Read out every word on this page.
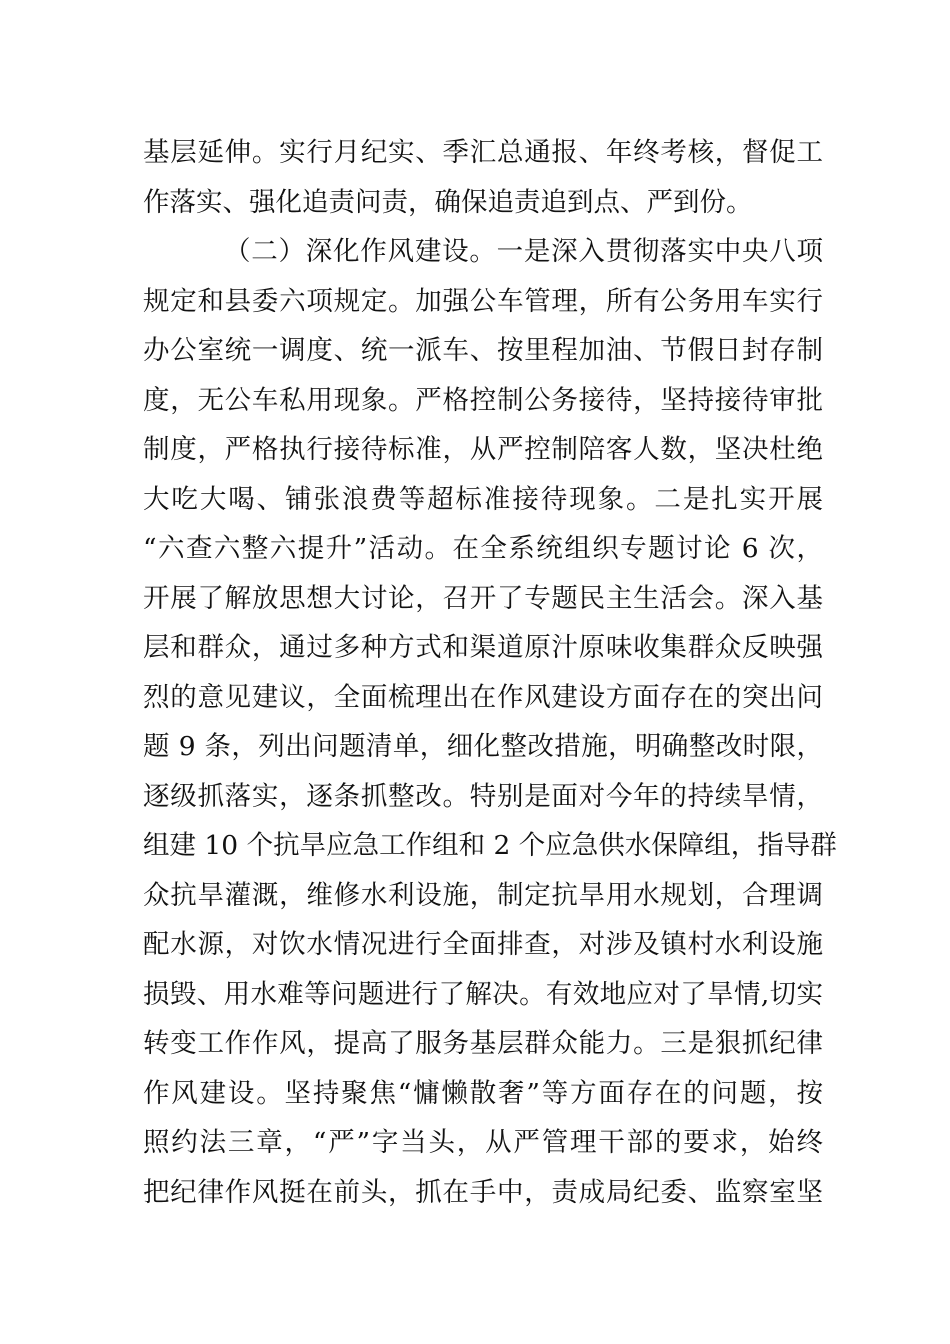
基层延伸。实行月纪实、季汇总通报、年终考核，督促工
作落实、强化追责问责，确保追责追到点、严到份。
（二）深化作风建设。一是深入贯彻落实中央八项
规定和县委六项规定。加强公车管理，所有公务用车实行
办公室统一调度、统一派车、按里程加油、节假日封存制
度，无公车私用现象。严格控制公务接待，坚持接待审批
制度，严格执行接待标准，从严控制陪客人数，坚决杜绝
大吃大喝、铺张浪费等超标准接待现象。二是扎实开展
“六查六整六提升”活动。在全系统组织专题讨论 6 次，
开展了解放思想大讨论，召开了专题民主生活会。深入基
层和群众，通过多种方式和渠道原汁原味收集群众反映强
烈的意见建议，全面梳理出在作风建设方面存在的突出问
题 9 条，列出问题清单，细化整改措施，明确整改时限，
逐级抓落实，逐条抓整改。特别是面对今年的持续旱情，
组建 10 个抗旱应急工作组和 2 个应急供水保障组，指导群
众抗旱灌溉，维修水利设施，制定抗旱用水规划，合理调
配水源，对饮水情况进行全面排查，对涉及镇村水利设施
损毁、用水难等问题进行了解决。有效地应对了旱情,切实
转变工作作风，提高了服务基层群众能力。三是狠抓纪律
作风建设。坚持聚焦“慵懒散奢”等方面存在的问题，按
照约法三章，“严”字当头，从严管理干部的要求，始终
把纪律作风挺在前头，抓在手中，责成局纪委、监察室坚
